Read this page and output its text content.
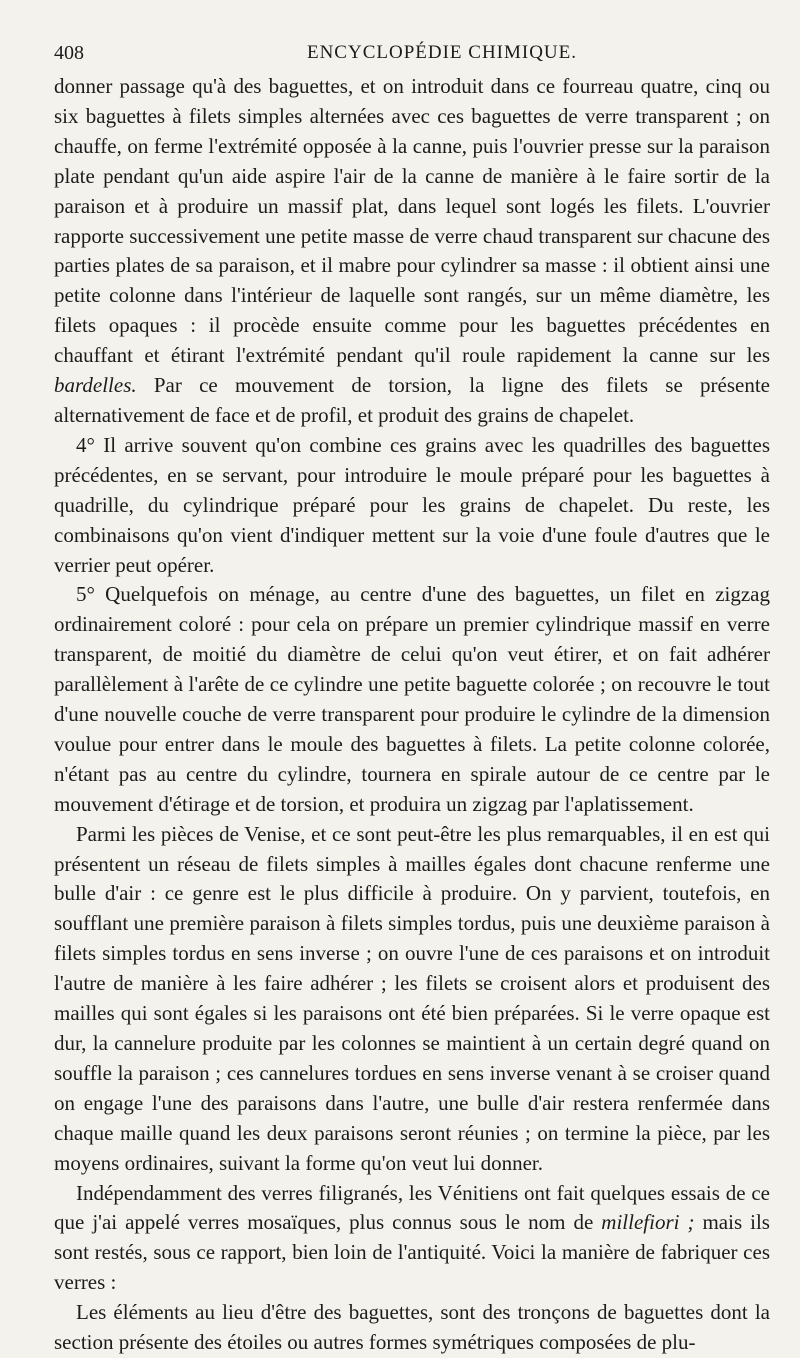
408	ENCYCLOPÉDIE CHIMIQUE.

donner passage qu'à des baguettes, et on introduit dans ce fourreau quatre, cinq ou six baguettes à filets simples alternées avec ces baguettes de verre transparent ; on chauffe, on ferme l'extrémité opposée à la canne, puis l'ouvrier presse sur la paraison plate pendant qu'un aide aspire l'air de la canne de manière à le faire sortir de la paraison et à produire un massif plat, dans lequel sont logés les filets. L'ouvrier rapporte successivement une petite masse de verre chaud transparent sur chacune des parties plates de sa paraison, et il mabre pour cylindrer sa masse : il obtient ainsi une petite colonne dans l'intérieur de laquelle sont rangés, sur un même diamètre, les filets opaques : il procède ensuite comme pour les baguettes précédentes en chauffant et étirant l'extrémité pendant qu'il roule rapidement la canne sur les bardelles. Par ce mouvement de torsion, la ligne des filets se présente alternativement de face et de profil, et produit des grains de chapelet.

4° Il arrive souvent qu'on combine ces grains avec les quadrilles des baguettes précédentes, en se servant, pour introduire le moule préparé pour les baguettes à quadrille, du cylindrique préparé pour les grains de chapelet. Du reste, les combinaisons qu'on vient d'indiquer mettent sur la voie d'une foule d'autres que le verrier peut opérer.

5° Quelquefois on ménage, au centre d'une des baguettes, un filet en zigzag ordinairement coloré : pour cela on prépare un premier cylindrique massif en verre transparent, de moitié du diamètre de celui qu'on veut étirer, et on fait adhérer parallèlement à l'arête de ce cylindre une petite baguette colorée ; on recouvre le tout d'une nouvelle couche de verre transparent pour produire le cylindre de la dimension voulue pour entrer dans le moule des baguettes à filets. La petite colonne colorée, n'étant pas au centre du cylindre, tournera en spirale autour de ce centre par le mouvement d'étirage et de torsion, et produira un zigzag par l'aplatissement.

Parmi les pièces de Venise, et ce sont peut-être les plus remarquables, il en est qui présentent un réseau de filets simples à mailles égales dont chacune renferme une bulle d'air : ce genre est le plus difficile à produire. On y parvient, toutefois, en soufflant une première paraison à filets simples tordus, puis une deuxième paraison à filets simples tordus en sens inverse ; on ouvre l'une de ces paraisons et on introduit l'autre de manière à les faire adhérer ; les filets se croisent alors et produisent des mailles qui sont égales si les paraisons ont été bien préparées. Si le verre opaque est dur, la cannelure produite par les colonnes se maintient à un certain degré quand on souffle la paraison ; ces cannelures tordues en sens inverse venant à se croiser quand on engage l'une des paraisons dans l'autre, une bulle d'air restera renfermée dans chaque maille quand les deux paraisons seront réunies ; on termine la pièce, par les moyens ordinaires, suivant la forme qu'on veut lui donner.

Indépendamment des verres filigranés, les Vénitiens ont fait quelques essais de ce que j'ai appelé verres mosaïques, plus connus sous le nom de millefiori ; mais ils sont restés, sous ce rapport, bien loin de l'antiquité. Voici la manière de fabriquer ces verres :

Les éléments au lieu d'être des baguettes, sont des tronçons de baguettes dont la section présente des étoiles ou autres formes symétriques composées de plu-
